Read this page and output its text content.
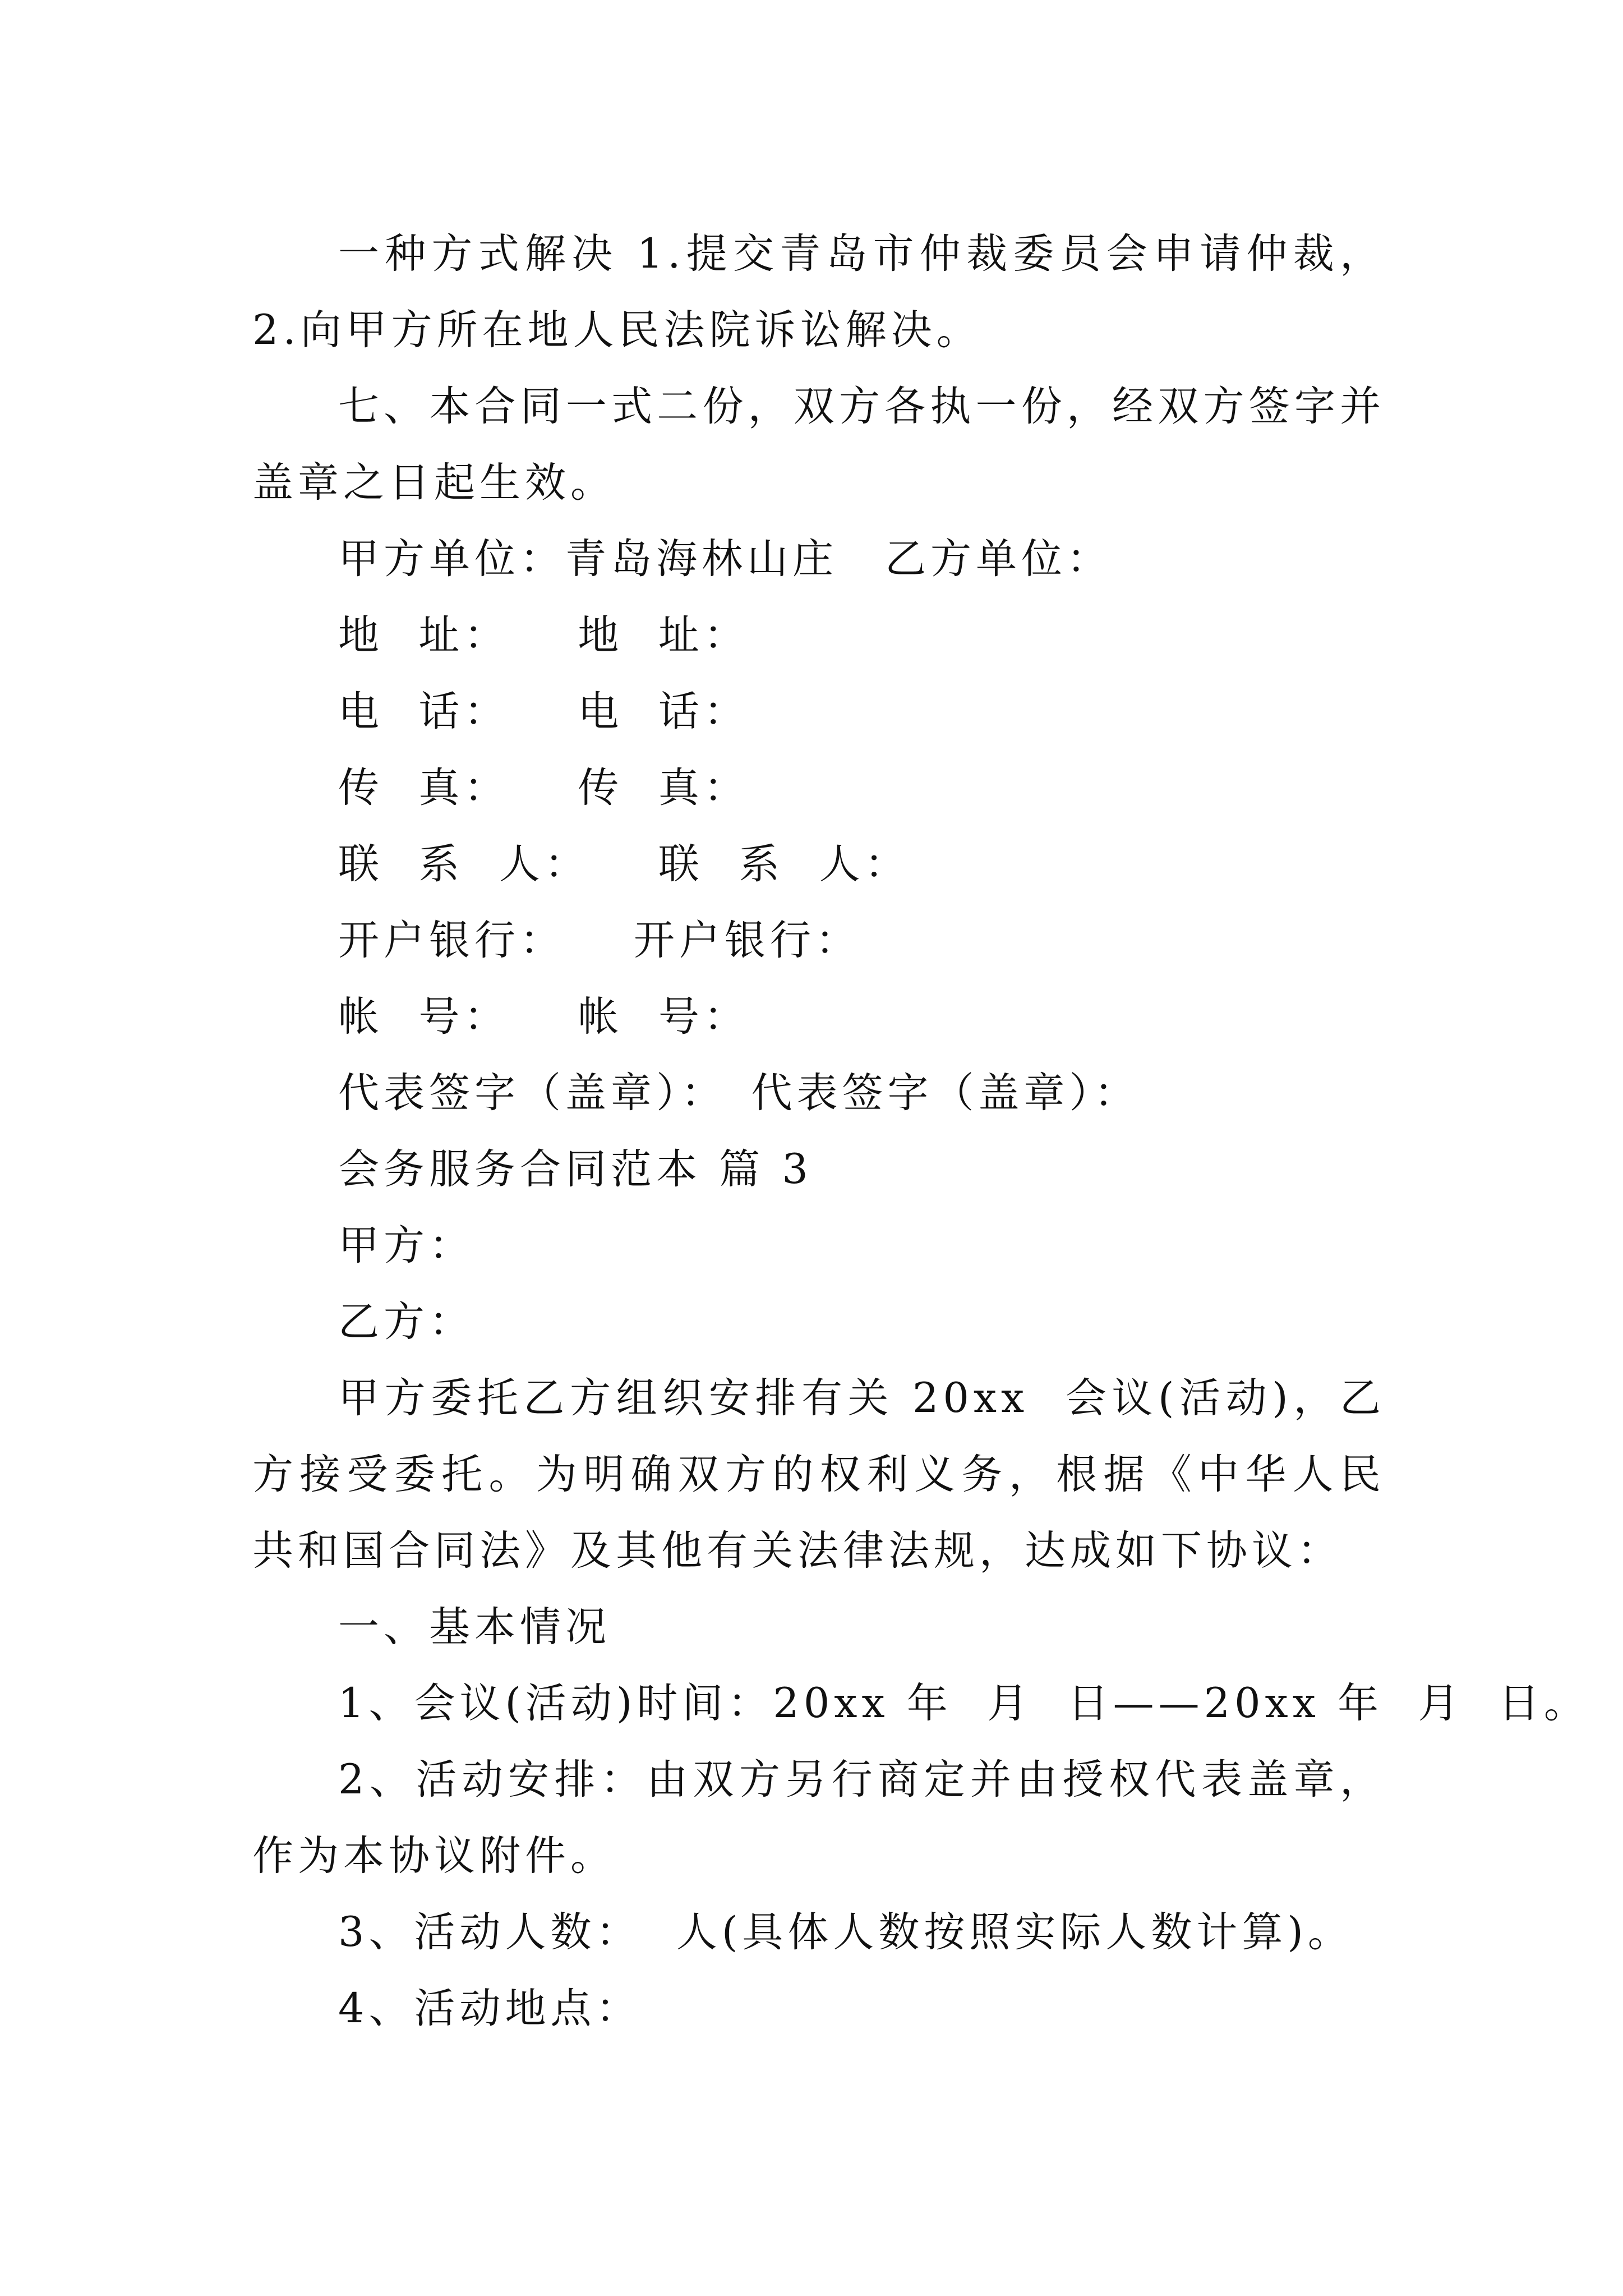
一种方式解决 1.提交青岛市仲裁委员会申请仲裁，2.向甲方所在地人民法院诉讼解决。

七、本合同一式二份，双方各执一份，经双方签字并盖章之日起生效。

甲方单位：青岛海林山庄 乙方单位：

地  址： 地  址：

电  话： 电  话：

传  真： 传  真：

联  系  人： 联  系  人：

开户银行： 开户银行：

帐  号： 帐  号：

代表签字（盖章）： 代表签字（盖章）：

会务服务合同范本 篇 3

甲方：

乙方：

甲方委托乙方组织安排有关 20xx  会议(活动)，乙方接受委托。为明确双方的权利义务，根据《中华人民共和国合同法》及其他有关法律法规，达成如下协议：

一、基本情况

1、会议(活动)时间：20xx 年  月  日——20xx 年  月  日。

2、活动安排：由双方另行商定并由授权代表盖章，作为本协议附件。

3、活动人数：  人(具体人数按照实际人数计算)。

4、活动地点：
